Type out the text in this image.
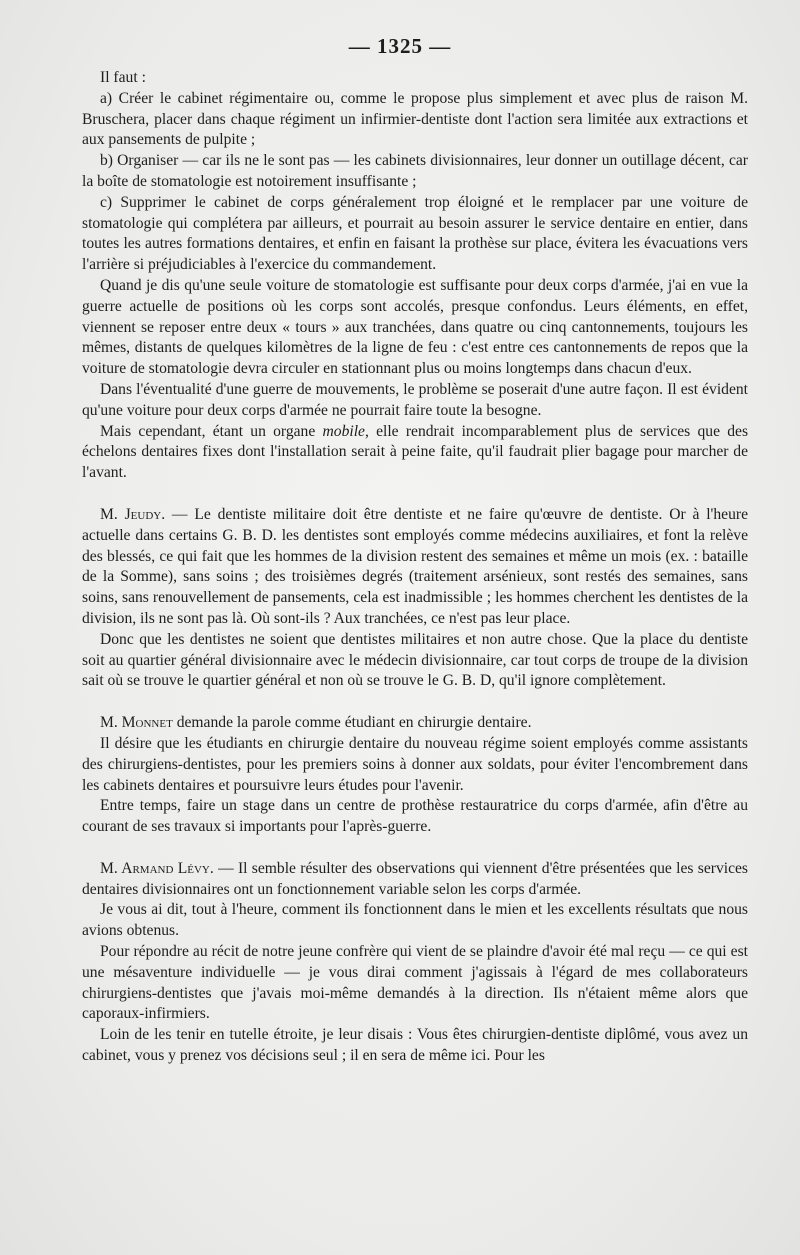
— 1325 —

Il faut :

a) Créer le cabinet régimentaire ou, comme le propose plus simplement et avec plus de raison M. Bruschera, placer dans chaque régiment un infirmier-dentiste dont l'action sera limitée aux extractions et aux pansements de pulpite ;

b) Organiser — car ils ne le sont pas — les cabinets divisionnaires, leur donner un outillage décent, car la boîte de stomatologie est notoirement insuffisante ;

c) Supprimer le cabinet de corps généralement trop éloigné et le remplacer par une voiture de stomatologie qui complétera par ailleurs, et pourrait au besoin assurer le service dentaire en entier, dans toutes les autres formations dentaires, et enfin en faisant la prothèse sur place, évitera les évacuations vers l'arrière si préjudiciables à l'exercice du commandement.

Quand je dis qu'une seule voiture de stomatologie est suffisante pour deux corps d'armée, j'ai en vue la guerre actuelle de positions où les corps sont accolés, presque confondus. Leurs éléments, en effet, viennent se reposer entre deux « tours » aux tranchées, dans quatre ou cinq cantonnements, toujours les mêmes, distants de quelques kilomètres de la ligne de feu : c'est entre ces cantonnements de repos que la voiture de stomatologie devra circuler en stationnant plus ou moins longtemps dans chacun d'eux.

Dans l'éventualité d'une guerre de mouvements, le problème se poserait d'une autre façon. Il est évident qu'une voiture pour deux corps d'armée ne pourrait faire toute la besogne.

Mais cependant, étant un organe mobile, elle rendrait incomparablement plus de services que des échelons dentaires fixes dont l'installation serait à peine faite, qu'il faudrait plier bagage pour marcher de l'avant.

M. Jeudy. — Le dentiste militaire doit être dentiste et ne faire qu'œuvre de dentiste. Or à l'heure actuelle dans certains G. B. D. les dentistes sont employés comme médecins auxiliaires, et font la relève des blessés, ce qui fait que les hommes de la division restent des semaines et même un mois (ex. : bataille de la Somme), sans soins ; des troisièmes degrés (traitement arsénieux, sont restés des semaines, sans soins, sans renouvellement de pansements, cela est inadmissible ; les hommes cherchent les dentistes de la division, ils ne sont pas là. Où sont-ils ? Aux tranchées, ce n'est pas leur place.

Donc que les dentistes ne soient que dentistes militaires et non autre chose. Que la place du dentiste soit au quartier général divisionnaire avec le médecin divisionnaire, car tout corps de troupe de la division sait où se trouve le quartier général et non où se trouve le G. B. D, qu'il ignore complètement.

M. Monnet demande la parole comme étudiant en chirurgie dentaire.

Il désire que les étudiants en chirurgie dentaire du nouveau régime soient employés comme assistants des chirurgiens-dentistes, pour les premiers soins à donner aux soldats, pour éviter l'encombrement dans les cabinets dentaires et poursuivre leurs études pour l'avenir.

Entre temps, faire un stage dans un centre de prothèse restauratrice du corps d'armée, afin d'être au courant de ses travaux si importants pour l'après-guerre.

M. Armand Lévy. — Il semble résulter des observations qui viennent d'être présentées que les services dentaires divisionnaires ont un fonctionnement variable selon les corps d'armée.

Je vous ai dit, tout à l'heure, comment ils fonctionnent dans le mien et les excellents résultats que nous avions obtenus.

Pour répondre au récit de notre jeune confrère qui vient de se plaindre d'avoir été mal reçu — ce qui est une mésaventure individuelle — je vous dirai comment j'agissais à l'égard de mes collaborateurs chirurgiens-dentistes que j'avais moi-même demandés à la direction. Ils n'étaient même alors que caporaux-infirmiers.

Loin de les tenir en tutelle étroite, je leur disais : Vous êtes chirurgien-dentiste diplômé, vous avez un cabinet, vous y prenez vos décisions seul ; il en sera de même ici. Pour les
